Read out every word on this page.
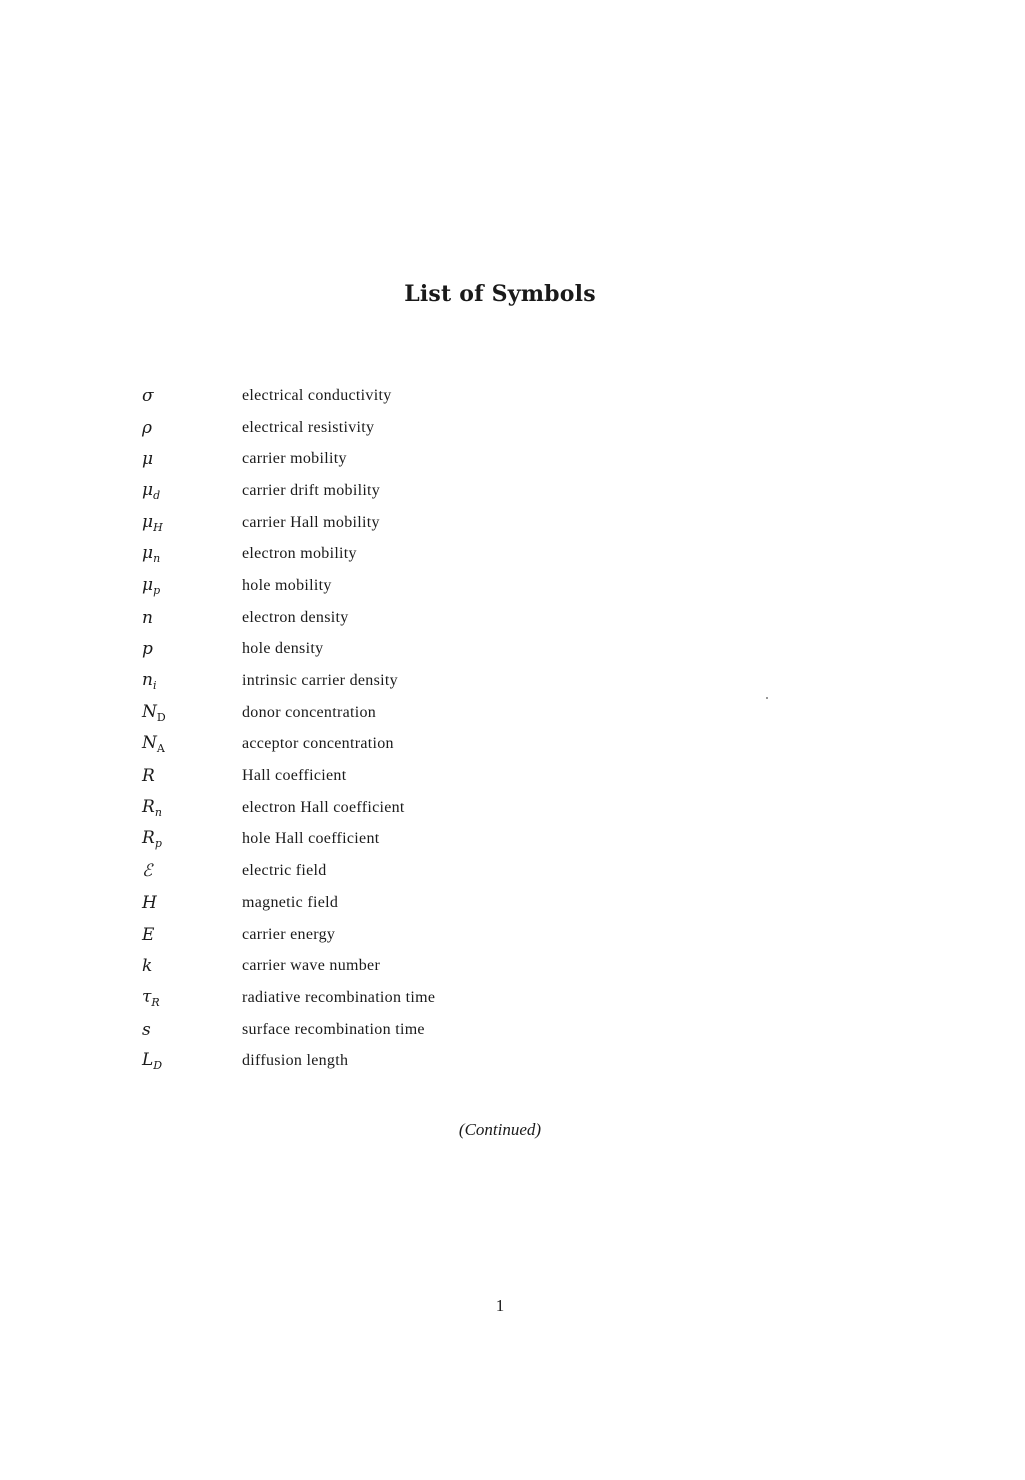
List of Symbols
σ	electrical conductivity
ρ	electrical resistivity
μ	carrier mobility
$\mu_d$	carrier drift mobility
$\mu_H$	carrier Hall mobility
$\mu_n$	electron mobility
$\mu_p$	hole mobility
n	electron density
p	hole density
$n_i$	intrinsic carrier density
$N_D$	donor concentration
$N_A$	acceptor concentration
R	Hall coefficient
$R_n$	electron Hall coefficient
$R_p$	hole Hall coefficient
ℰ	electric field
H	magnetic field
E	carrier energy
k	carrier wave number
$\tau_R$	radiative recombination time
s	surface recombination time
$L_D$	diffusion length
(Continued)
1
